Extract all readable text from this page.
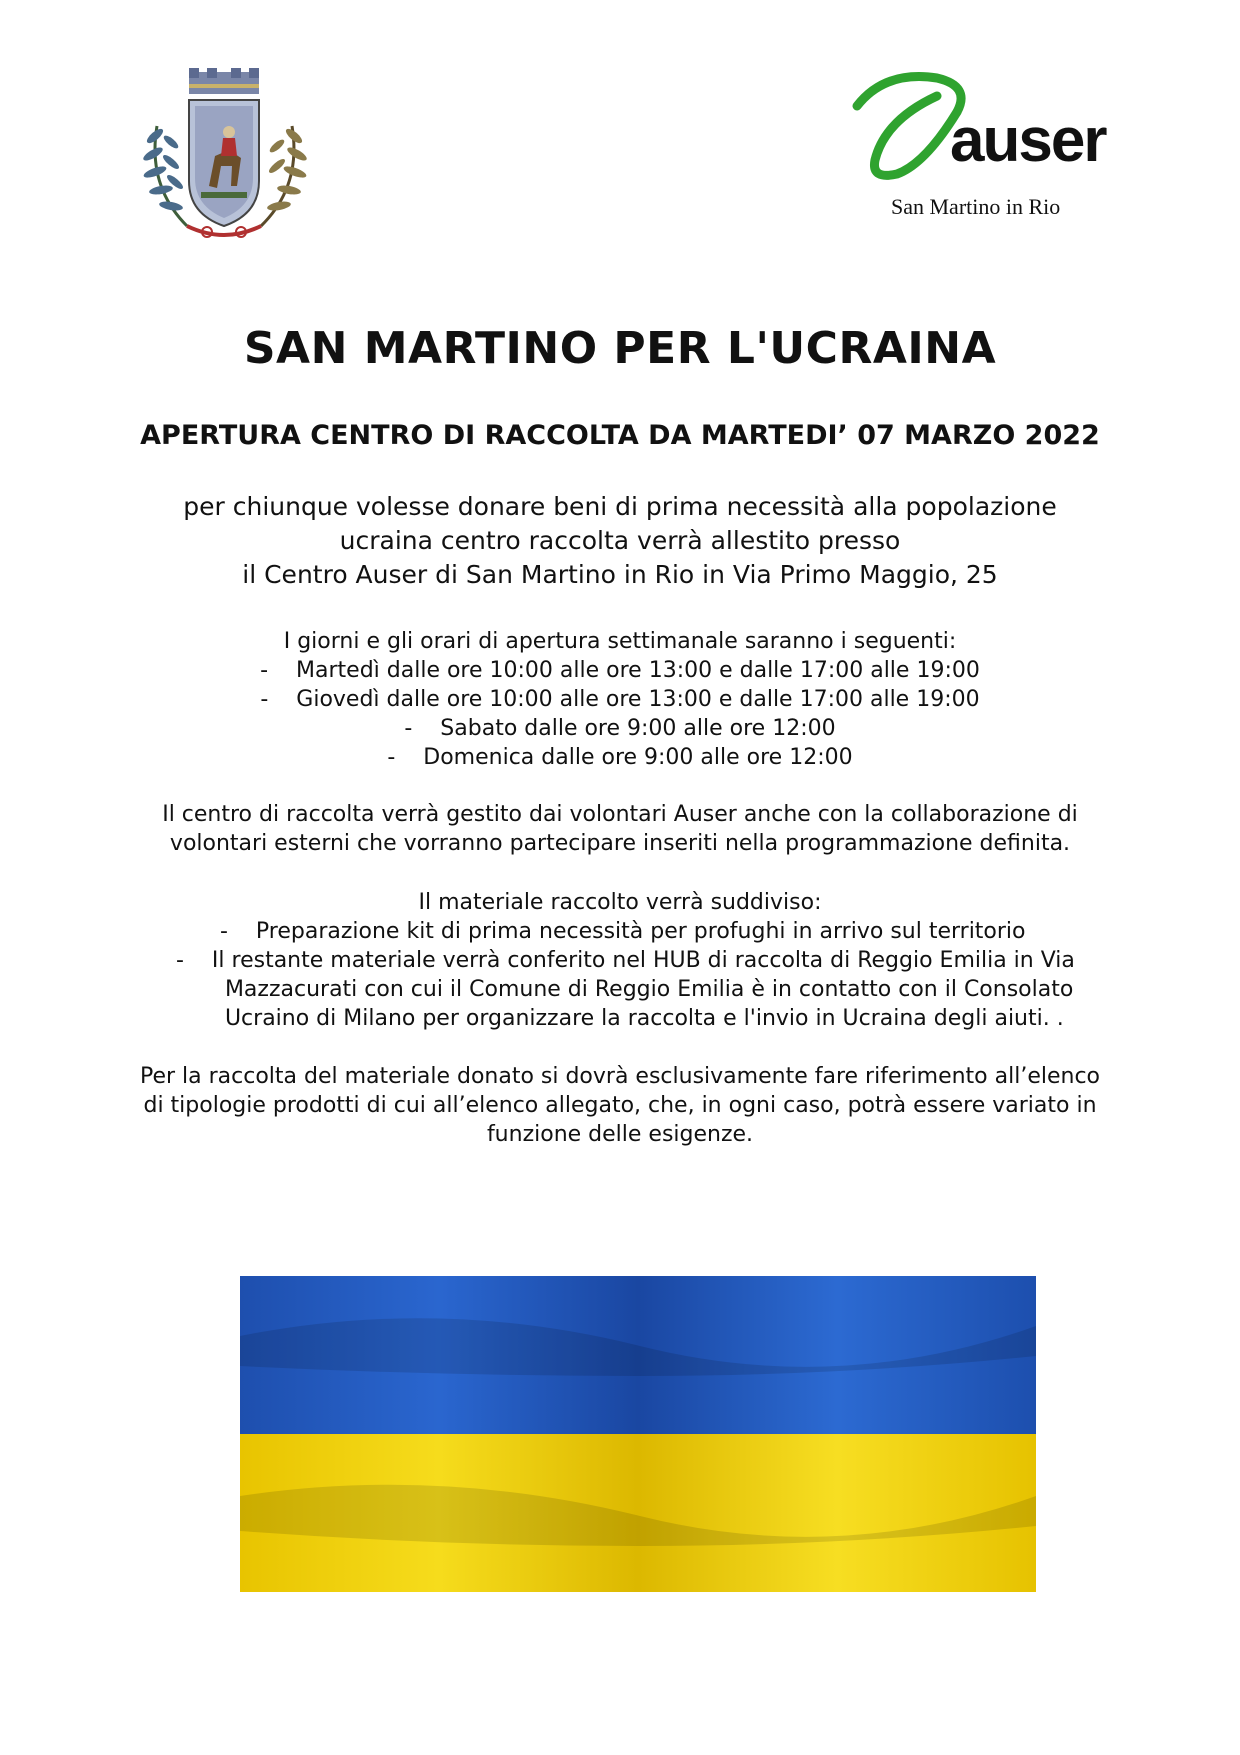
auser
San Martino in Rio
SAN MARTINO PER L'UCRAINA
APERTURA CENTRO DI RACCOLTA DA MARTEDI’ 07 MARZO 2022
per chiunque volesse donare beni di prima necessità alla popolazione
ucraina centro raccolta verrà allestito presso
il Centro Auser di San Martino in Rio in Via Primo Maggio, 25
I giorni e gli orari di apertura settimanale saranno i seguenti:
-    Martedì dalle ore 10:00 alle ore 13:00 e dalle 17:00 alle 19:00
-    Giovedì dalle ore 10:00 alle ore 13:00 e dalle 17:00 alle 19:00
-    Sabato dalle ore 9:00 alle ore 12:00
-    Domenica dalle ore 9:00 alle ore 12:00
Il centro di raccolta verrà gestito dai volontari Auser anche con la collaborazione di
volontari esterni che vorranno partecipare inseriti nella programmazione definita.
Il materiale raccolto verrà suddiviso:
-    Preparazione kit di prima necessità per profughi in arrivo sul territorio
-    Il restante materiale verrà conferito nel HUB di raccolta di Reggio Emilia in Via
Mazzacurati con cui il Comune di Reggio Emilia è in contatto con il Consolato
Ucraino di Milano per organizzare la raccolta e l'invio in Ucraina degli aiuti. .
Per la raccolta del materiale donato si dovrà esclusivamente fare riferimento all’elenco
di tipologie prodotti di cui all’elenco allegato, che, in ogni caso, potrà essere variato in
funzione delle esigenze.
